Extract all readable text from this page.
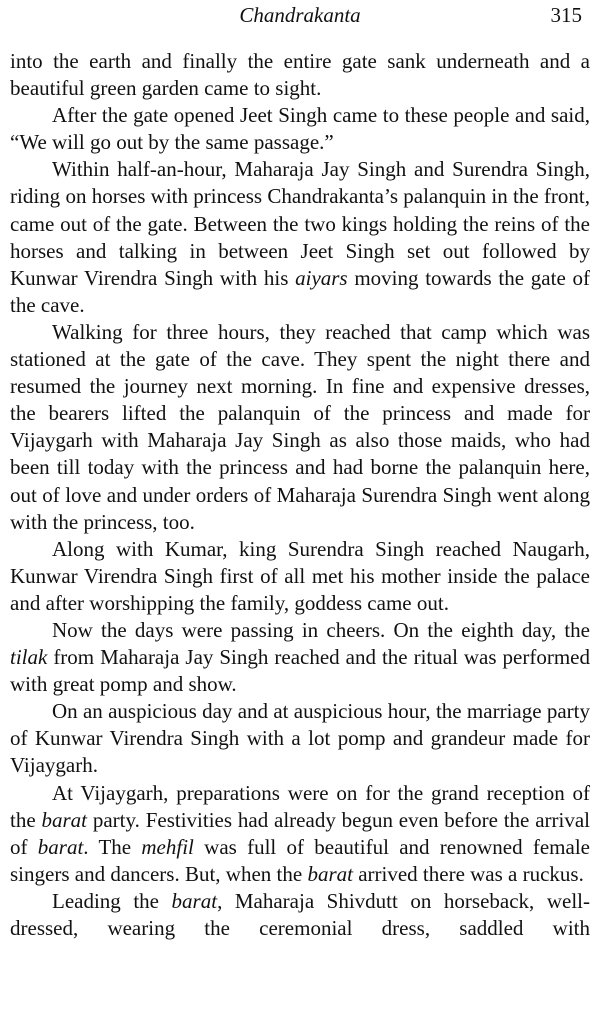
Chandrakanta	315

into the earth and finally the entire gate sank underneath and a beautiful green garden came to sight.

After the gate opened Jeet Singh came to these people and said, “We will go out by the same passage.”

Within half-an-hour, Maharaja Jay Singh and Surendra Singh, riding on horses with princess Chandrakanta’s palanquin in the front, came out of the gate. Between the two kings holding the reins of the horses and talking in between Jeet Singh set out followed by Kunwar Virendra Singh with his aiyars moving towards the gate of the cave.

Walking for three hours, they reached that camp which was stationed at the gate of the cave. They spent the night there and resumed the journey next morning. In fine and expensive dresses, the bearers lifted the palanquin of the princess and made for Vijaygarh with Maharaja Jay Singh as also those maids, who had been till today with the princess and had borne the palanquin here, out of love and under orders of Maharaja Surendra Singh went along with the princess, too.

Along with Kumar, king Surendra Singh reached Naugarh, Kunwar Virendra Singh first of all met his mother inside the palace and after worshipping the family, goddess came out.

Now the days were passing in cheers. On the eighth day, the tilak from Maharaja Jay Singh reached and the ritual was performed with great pomp and show.

On an auspicious day and at auspicious hour, the marriage party of Kunwar Virendra Singh with a lot pomp and grandeur made for Vijaygarh.

At Vijaygarh, preparations were on for the grand reception of the barat party. Festivities had already begun even before the arrival of barat. The mehfil was full of beautiful and renowned female singers and dancers. But, when the barat arrived there was a ruckus.

Leading the barat, Maharaja Shivdutt on horseback, well-dressed, wearing the ceremonial dress, saddled with
